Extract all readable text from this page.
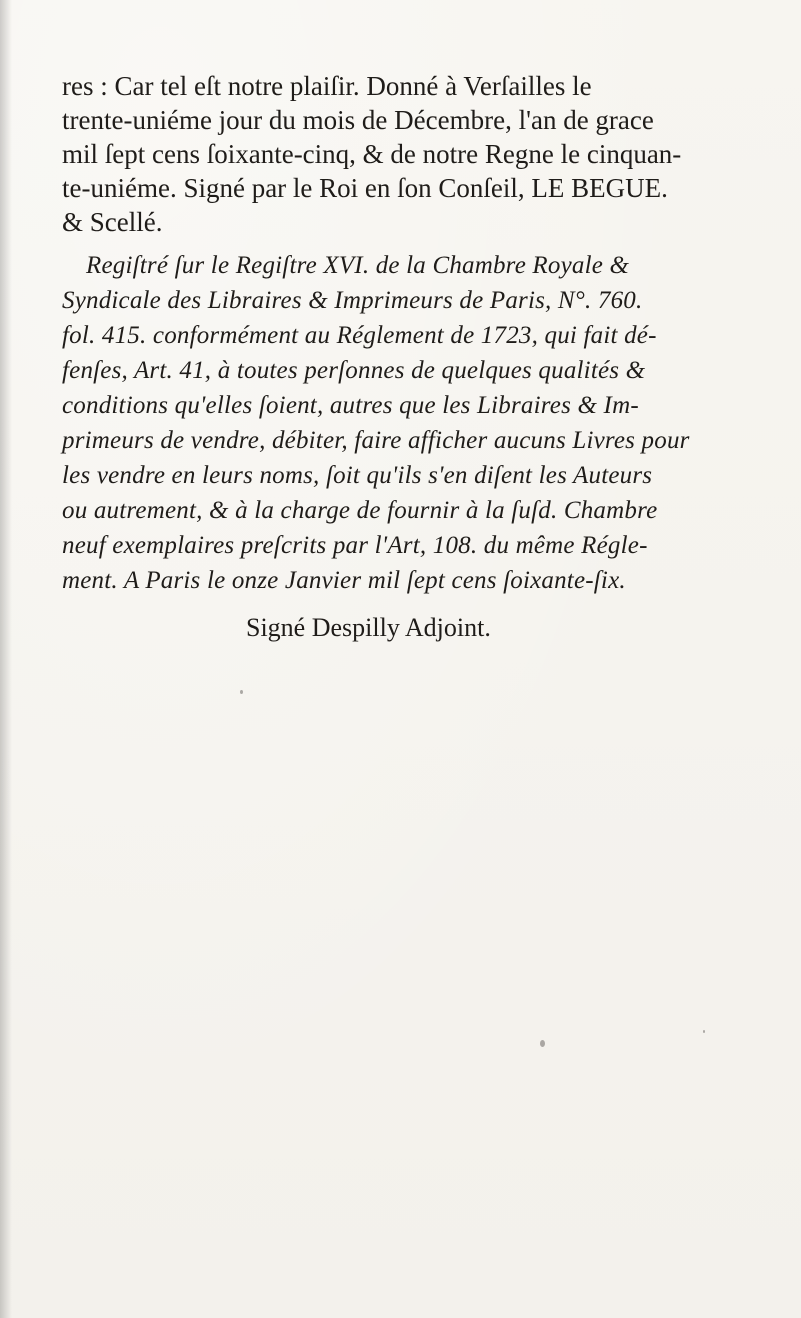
res : Car tel eſt notre plaiſir. Donné à Verſailles le
trente-uniéme jour du mois de Décembre, l'an de grace
mil ſept cens ſoixante-cinq, & de notre Regne le cinquan-
te-uniéme. Signé par le Roi en ſon Conſeil, LE BEGUE.
& Scellé.
Regiſtré ſur le Regiſtre XVI. de la Chambre Royale &
Syndicale des Libraires & Imprimeurs de Paris, N°. 760.
fol. 415. conformément au Réglement de 1723, qui fait dé-
fenſes, Art. 41, à toutes perſonnes de quelques qualités &
conditions qu'elles ſoient, autres que les Libraires & Im-
primeurs de vendre, débiter, faire afficher aucuns Livres pour
les vendre en leurs noms, ſoit qu'ils s'en diſent les Auteurs
ou autrement, & à la charge de fournir à la ſuſd. Chambre
neuf exemplaires preſcrits par l'Art, 108. du même Régle-
ment. A Paris le onze Janvier mil ſept cens ſoixante-ſix.
Signé Despilly Adjoint.
